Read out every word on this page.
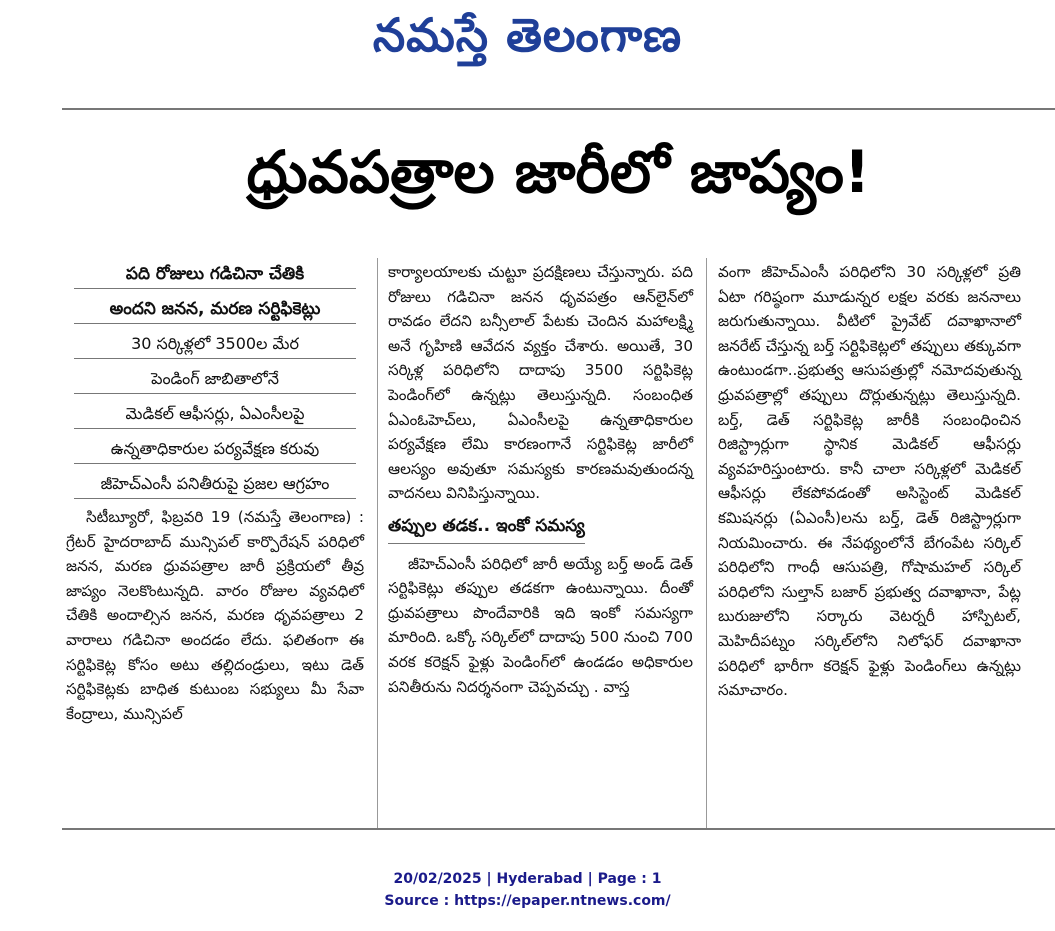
నమస్తే తెలంగాణ
ధ్రువపత్రాల జారీలో జాప్యం!
పది రోజులు గడిచినా చేతికి
అందని జనన, మరణ సర్టిఫికెట్లు
30 సర్కిళ్లలో 3500ల మేర
పెండింగ్ జాబితాలోనే
మెడికల్ ఆఫీసర్లు, ఏఎంసీలపై
ఉన్నతాధికారుల పర్యవేక్షణ కరువు
జీహెచ్ఎంసీ పనితీరుపై ప్రజల ఆగ్రహం

సిటీబ్యూరో, ఫిబ్రవరి 19 (నమస్తే తెలంగాణ) : గ్రేటర్ హైదరాబాద్ మున్సిపల్ కార్పొరేషన్ పరిధిలో జనన, మరణ ధ్రువపత్రాల జారీ ప్రక్రియలో తీవ్ర జాప్యం నెలకొంటున్నది. వారం రోజుల వ్యవధిలో చేతికి అందాల్సిన జనన, మరణ ధృవపత్రాలు 2 వారాలు గడిచినా అందడం లేదు. ఫలితంగా ఈ సర్టిఫికెట్ల కోసం అటు తల్లిదండ్రులు, ఇటు డెత్ సర్టిఫికెట్లకు బాధిత కుటుంబ సభ్యులు మీ సేవా కేంద్రాలు, మున్సిపల్

కార్యాలయాలకు చుట్టూ ప్రదక్షిణలు చేస్తున్నారు. పది రోజులు గడిచినా జనన ధృవపత్రం ఆన్‌లైన్‌లో రావడం లేదని బన్సీలాల్ పేటకు చెందిన మహాలక్ష్మి అనే గృహిణి ఆవేదన వ్యక్తం చేశారు. అయితే, 30 సర్కిళ్ల పరిధిలోని దాదాపు 3500 సర్టిఫికెట్ల పెండింగ్‌లో ఉన్నట్లు తెలుస్తున్నది. సంబంధిత ఏఎంఓహెచ్‌లు, ఏఎంసీలపై ఉన్నతాధికారుల పర్యవేక్షణ లేమి కారణంగానే సర్టిఫికెట్ల జారీలో ఆలస్యం అవుతూ సమస్యకు కారణమవుతుందన్న వాదనలు వినిపిస్తున్నాయి.

తప్పుల తడక.. ఇంకో సమస్య

జీహెచ్ఎంసీ పరిధిలో జారీ అయ్యే బర్త్ అండ్ డెత్ సర్టిఫికెట్లు తప్పుల తడకగా ఉంటున్నాయి. దీంతో ధ్రువపత్రాలు పొందేవారికి ఇది ఇంకో సమస్యగా మారింది. ఒక్కో సర్కిల్‌లో దాదాపు 500 నుంచి 700 వరక కరెక్షన్ ఫైళ్లు పెండింగ్‌లో ఉండడం అధికారుల పనితీరును నిదర్శనంగా చెప్పవచ్చు . వాస్త

వంగా జీహెచ్ఎంసీ పరిధిలోని 30 సర్కిళ్లలో ప్రతి ఏటా గరిష్ఠంగా మూడున్నర లక్షల వరకు జననాలు జరుగుతున్నాయి. వీటిలో ప్రైవేట్ దవాఖానాలో జనరేట్ చేస్తున్న బర్త్ సర్టిఫికెట్లలో తప్పులు తక్కువగా ఉంటుండగా..ప్రభుత్వ ఆసుపత్రుల్లో నమోదవుతున్న ధ్రువపత్రాల్లో తప్పులు దొర్లుతున్నట్లు తెలుస్తున్నది. బర్త్, డెత్ సర్టిఫికెట్ల జారీకి సంబంధించిన రిజిస్ట్రార్లుగా స్థానిక మెడికల్ ఆఫీసర్లు వ్యవహరిస్తుంటారు. కానీ చాలా సర్కిళ్లలో మెడికల్ ఆఫీసర్లు లేకపోవడంతో అసిస్టెంట్ మెడికల్ కమిషనర్లు (ఏఎంసీ)లను బర్త్, డెత్ రిజిస్ట్రార్లుగా నియమించారు. ఈ నేపథ్యంలోనే బేగంపేట సర్కిల్ పరిధిలోని గాంధీ ఆసుపత్రి, గోషామహల్ సర్కిల్ పరిధిలోని సుల్తాన్ బజార్ ప్రభుత్వ దవాఖానా, పేట్ల బురుజులోని సర్కారు వెటర్నరీ హాస్పిటల్, మెహిదీపట్నం సర్కిల్‌లోని నిలోఫర్ దవాఖానా పరిధిలో భారీగా కరెక్షన్ ఫైళ్లు పెండింగ్‌లు ఉన్నట్లు సమాచారం.

20/02/2025 | Hyderabad | Page : 1
Source : https://epaper.ntnews.com/
